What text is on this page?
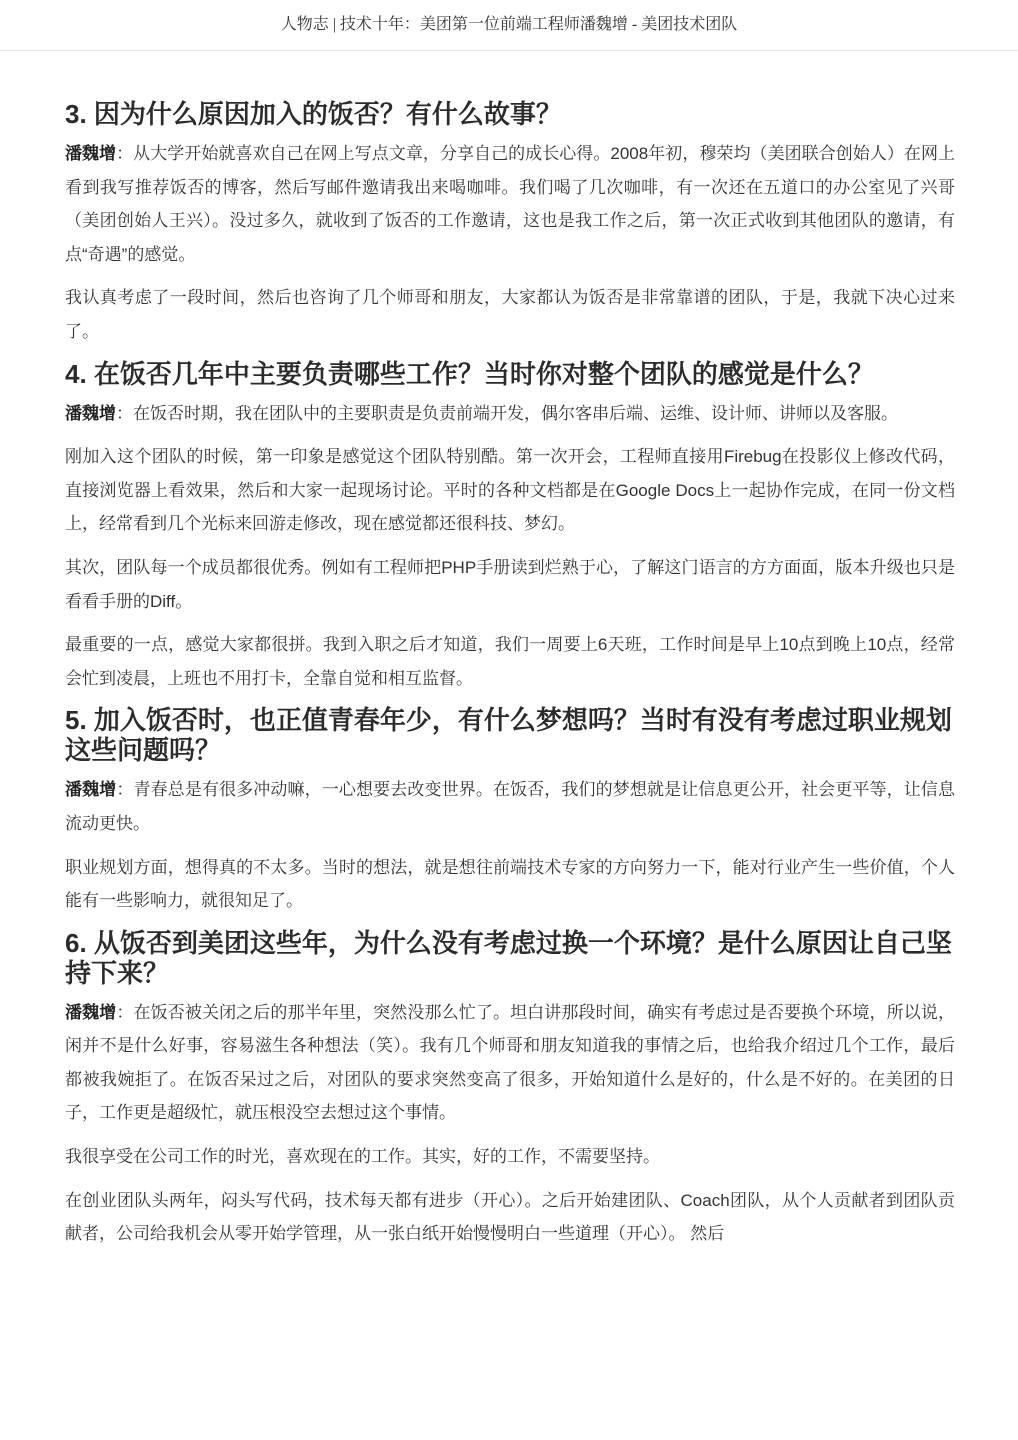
人物志 | 技术十年：美团第一位前端工程师潘魏增 - 美团技术团队
3. 因为什么原因加入的饭否？有什么故事？

潘魏增：从大学开始就喜欢自己在网上写点文章，分享自己的成长心得。2008年初，穆荣均（美团联合创始人）在网上看到我写推荐饭否的博客，然后写邮件邀请我出来喝咖啡。我们喝了几次咖啡，有一次还在五道口的办公室见了兴哥（美团创始人王兴）。没过多久，就收到了饭否的工作邀请，这也是我工作之后，第一次正式收到其他团队的邀请，有点“奇遇”的感觉。

我认真考虑了一段时间，然后也咨询了几个师哥和朋友，大家都认为饭否是非常靠谱的团队，于是，我就下决心过来了。

4. 在饭否几年中主要负责哪些工作？当时你对整个团队的感觉是什么？

潘魏增：在饭否时期，我在团队中的主要职责是负责前端开发，偶尔客串后端、运维、设计师、讲师以及客服。

刚加入这个团队的时候，第一印象是感觉这个团队特别酷。第一次开会，工程师直接用Firebug在投影仪上修改代码，直接浏览器上看效果，然后和大家一起现场讨论。平时的各种文档都是在Google Docs上一起协作完成，在同一份文档上，经常看到几个光标来回游走修改，现在感觉都还很科技、梦幻。

其次，团队每一个成员都很优秀。例如有工程师把PHP手册读到烂熟于心，了解这门语言的方方面面，版本升级也只是看看手册的Diff。

最重要的一点，感觉大家都很拼。我到入职之后才知道，我们一周要上6天班，工作时间是早上10点到晚上10点，经常会忙到凌晨，上班也不用打卡，全靠自觉和相互监督。

5. 加入饭否时，也正值青春年少，有什么梦想吗？当时有没有考虑过职业规划这些问题吗？

潘魏增：青春总是有很多冲动嘛，一心想要去改变世界。在饭否，我们的梦想就是让信息更公开，社会更平等，让信息流动更快。

职业规划方面，想得真的不太多。当时的想法，就是想往前端技术专家的方向努力一下，能对行业产生一些价值，个人能有一些影响力，就很知足了。

6. 从饭否到美团这些年，为什么没有考虑过换一个环境？是什么原因让自己坚持下来？

潘魏增：在饭否被关闭之后的那半年里，突然没那么忙了。坦白讲那段时间，确实有考虑过是否要换个环境，所以说，闲并不是什么好事，容易滋生各种想法（笑）。我有几个师哥和朋友知道我的事情之后，也给我介绍过几个工作，最后都被我婉拒了。在饭否呆过之后，对团队的要求突然变高了很多，开始知道什么是好的，什么是不好的。在美团的日子，工作更是超级忙，就压根没空去想过这个事情。

我很享受在公司工作的时光，喜欢现在的工作。其实，好的工作，不需要坚持。

在创业团队头两年，闷头写代码，技术每天都有进步（开心）。之后开始建团队、Coach团队，从个人贡献者到团队贡献者，公司给我机会从零开始学管理，从一张白纸开始慢慢明白一些道理（开心）。 然后
